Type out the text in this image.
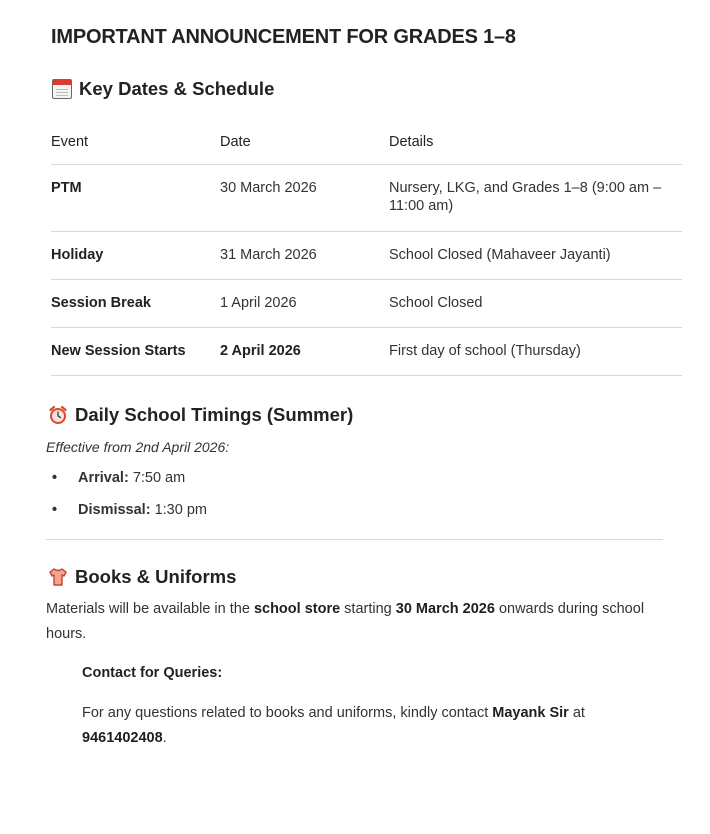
IMPORTANT ANNOUNCEMENT FOR GRADES 1–8
Key Dates & Schedule
Event	Date	Details

PTM	30 March 2026	Nursery, LKG, and Grades 1–8 (9:00 am – 11:00 am)

Holiday	31 March 2026	School Closed (Mahaveer Jayanti)

Session Break	1 April 2026	School Closed

New Session Starts	2 April 2026	First day of school (Thursday)
Daily School Timings (Summer)
Effective from 2nd April 2026:
•	Arrival: 7:50 am
•	Dismissal: 1:30 pm
Books & Uniforms
Materials will be available in the school store starting 30 March 2026 onwards during school hours.
Contact for Queries:
For any questions related to books and uniforms, kindly contact Mayank Sir at
9461402408.
